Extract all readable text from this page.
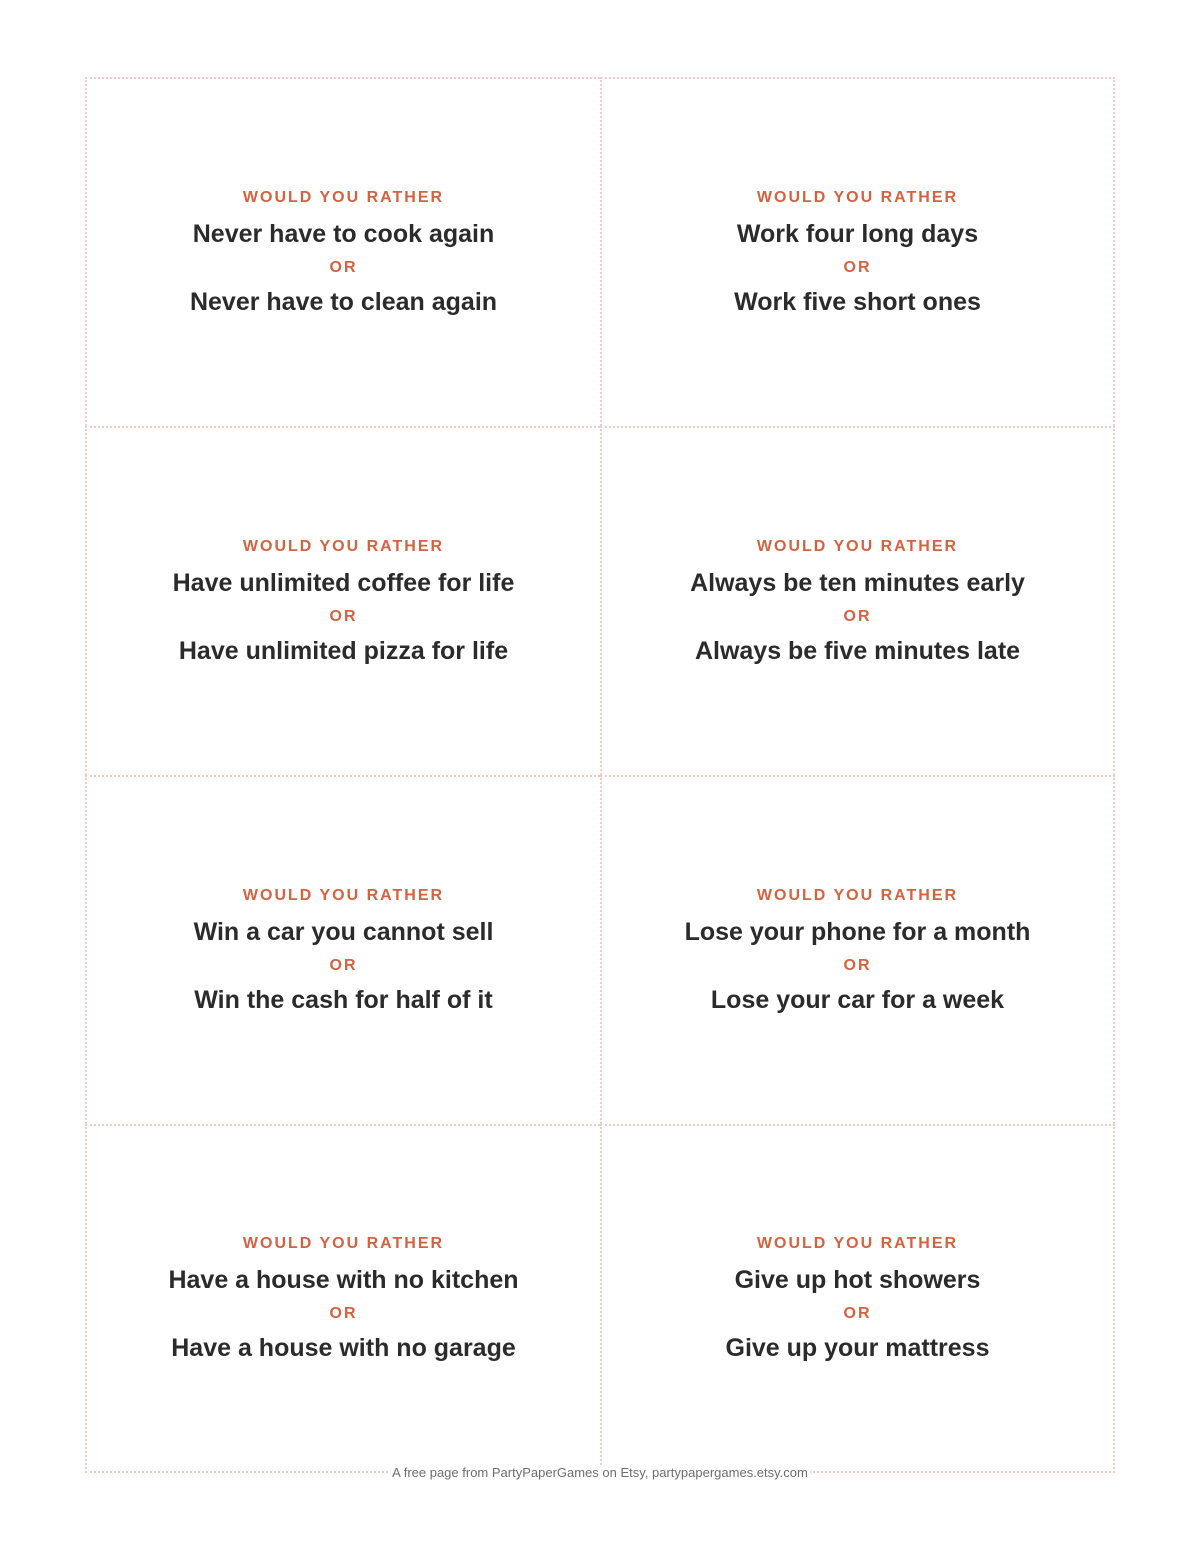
WOULD YOU RATHER
Never have to cook again
OR
Never have to clean again
WOULD YOU RATHER
Work four long days
OR
Work five short ones
WOULD YOU RATHER
Have unlimited coffee for life
OR
Have unlimited pizza for life
WOULD YOU RATHER
Always be ten minutes early
OR
Always be five minutes late
WOULD YOU RATHER
Win a car you cannot sell
OR
Win the cash for half of it
WOULD YOU RATHER
Lose your phone for a month
OR
Lose your car for a week
WOULD YOU RATHER
Have a house with no kitchen
OR
Have a house with no garage
WOULD YOU RATHER
Give up hot showers
OR
Give up your mattress
A free page from PartyPaperGames on Etsy, partypapergames.etsy.com
